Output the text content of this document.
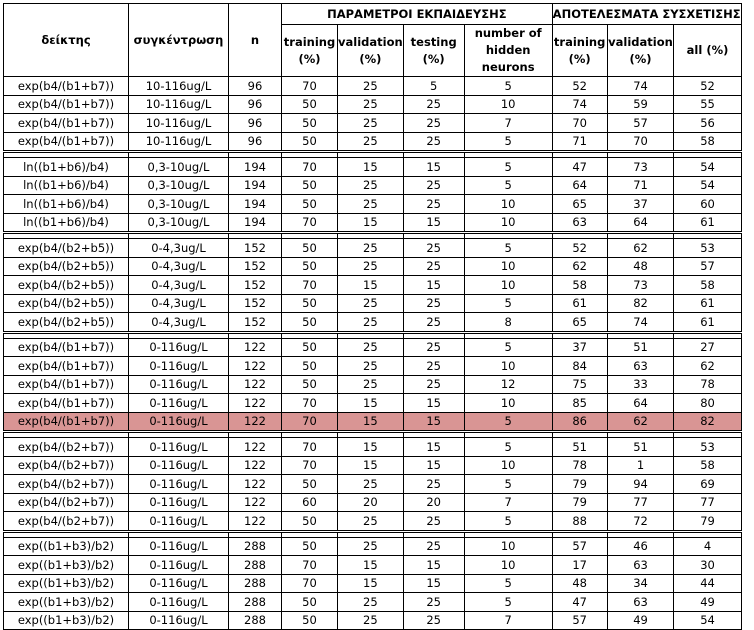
δείκτης	συγκέντρωση	n	ΠΑΡΑΜΕΤΡΟΙ ΕΚΠΑΙΔΕΥΣΗΣ				ΑΠΟΤΕΛΕΣΜΑΤΑ ΣΥΣΧΕΤΙΣΗΣ		
			training (%)	validation (%)	testing (%)	number of hidden neurons	training (%)	validation (%)	all (%)
exp(b4/(b1+b7))	10-116ug/L	96	70	25	5	5	52	74	52
exp(b4/(b1+b7))	10-116ug/L	96	50	25	25	10	74	59	55
exp(b4/(b1+b7))	10-116ug/L	96	50	25	25	7	70	57	56
exp(b4/(b1+b7))	10-116ug/L	96	50	25	25	5	71	70	58

ln((b1+b6)/b4)	0,3-10ug/L	194	70	15	15	5	47	73	54
ln((b1+b6)/b4)	0,3-10ug/L	194	50	25	25	5	64	71	54
ln((b1+b6)/b4)	0,3-10ug/L	194	50	25	25	10	65	37	60
ln((b1+b6)/b4)	0,3-10ug/L	194	70	15	15	10	63	64	61

exp(b4/(b2+b5))	0-4,3ug/L	152	50	25	25	5	52	62	53
exp(b4/(b2+b5))	0-4,3ug/L	152	50	25	25	10	62	48	57
exp(b4/(b2+b5))	0-4,3ug/L	152	70	15	15	10	58	73	58
exp(b4/(b2+b5))	0-4,3ug/L	152	50	25	25	5	61	82	61
exp(b4/(b2+b5))	0-4,3ug/L	152	50	25	25	8	65	74	61

exp(b4/(b1+b7))	0-116ug/L	122	50	25	25	5	37	51	27
exp(b4/(b1+b7))	0-116ug/L	122	50	25	25	10	84	63	62
exp(b4/(b1+b7))	0-116ug/L	122	50	25	25	12	75	33	78
exp(b4/(b1+b7))	0-116ug/L	122	70	15	15	10	85	64	80
exp(b4/(b1+b7))	0-116ug/L	122	70	15	15	5	86	62	82

exp(b4/(b2+b7))	0-116ug/L	122	70	15	15	5	51	51	53
exp(b4/(b2+b7))	0-116ug/L	122	70	15	15	10	78	1	58
exp(b4/(b2+b7))	0-116ug/L	122	50	25	25	5	79	94	69
exp(b4/(b2+b7))	0-116ug/L	122	60	20	20	7	79	77	77
exp(b4/(b2+b7))	0-116ug/L	122	50	25	25	5	88	72	79

exp((b1+b3)/b2)	0-116ug/L	288	50	25	25	10	57	46	4
exp((b1+b3)/b2)	0-116ug/L	288	70	15	15	10	17	63	30
exp((b1+b3)/b2)	0-116ug/L	288	70	15	15	5	48	34	44
exp((b1+b3)/b2)	0-116ug/L	288	50	25	25	5	47	63	49
exp((b1+b3)/b2)	0-116ug/L	288	50	25	25	7	57	49	54
